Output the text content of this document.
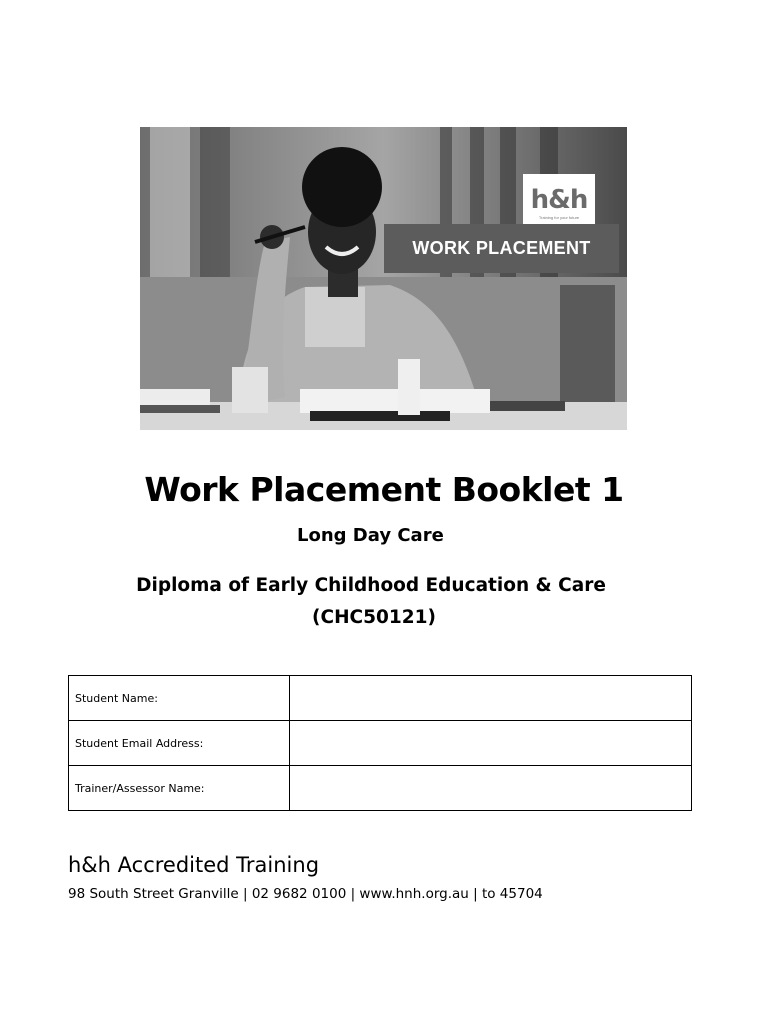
h&h
Training for your future
WORK PLACEMENT
Work Placement Booklet 1
Long Day Care
Diploma of Early Childhood Education & Care
(CHC50121)
Student Name:	
Student Email Address:	
Trainer/Assessor Name:	
h&h Accredited Training
98 South Street Granville | 02 9682 0100 | www.hnh.org.au | to 45704
